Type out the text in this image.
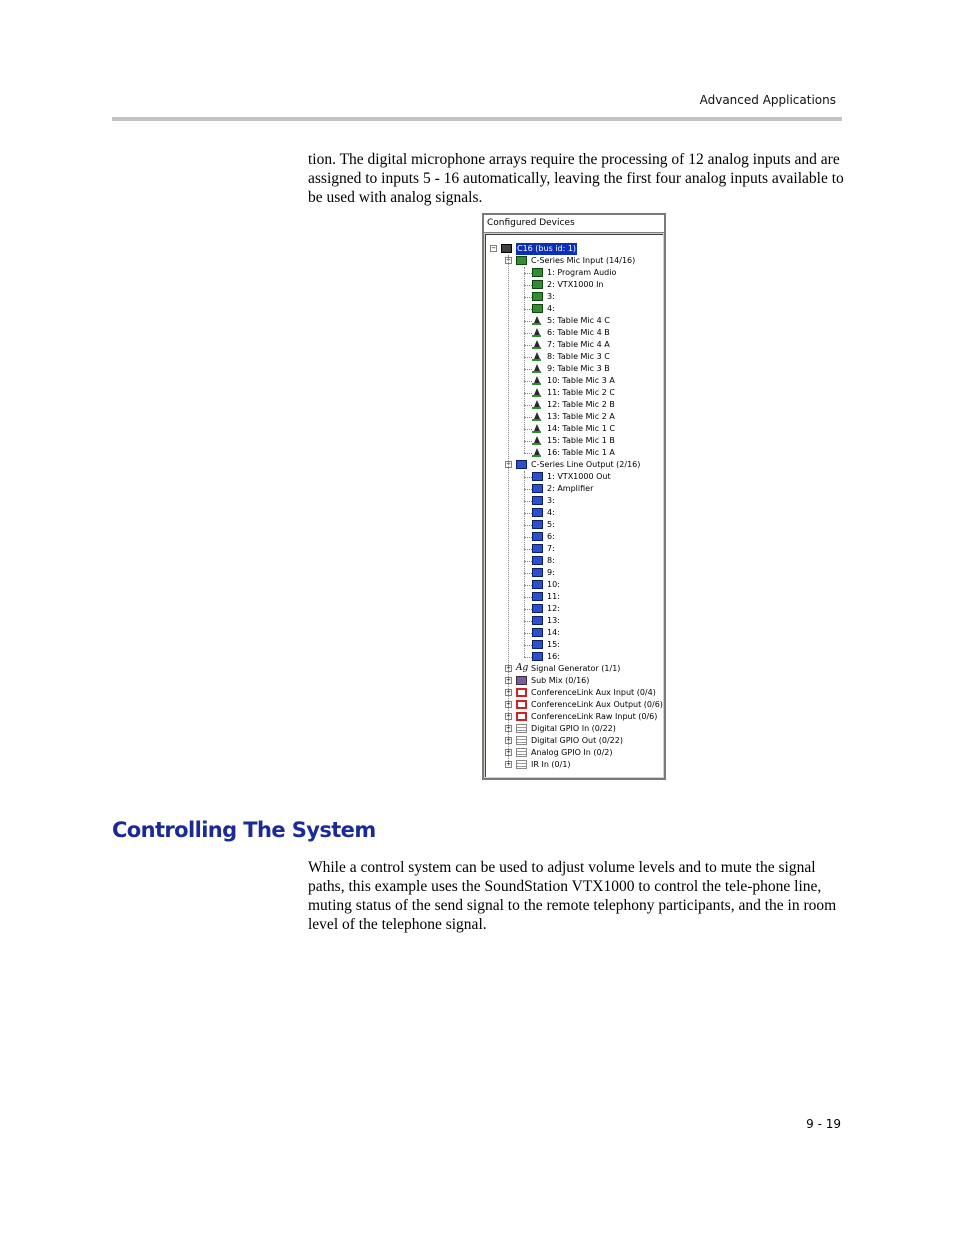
Advanced Applications

tion. The digital microphone arrays require the processing of 12 analog inputs and are assigned to inputs 5 - 16 automatically, leaving the first four analog inputs available to be used with analog signals.

Configured Devices
−	C16 (bus id: 1)
−	C-Series Mic Input (14/16)
1: Program Audio
2: VTX1000 In
3:
4:
5: Table Mic 4 C
6: Table Mic 4 B
7: Table Mic 4 A
8: Table Mic 3 C
9: Table Mic 3 B
10: Table Mic 3 A
11: Table Mic 2 C
12: Table Mic 2 B
13: Table Mic 2 A
14: Table Mic 1 C
15: Table Mic 1 B
16: Table Mic 1 A
−	C-Series Line Output (2/16)
1: VTX1000 Out
2: Amplifier
3:
4:
5:
6:
7:
8:
9:
10:
11:
12:
13:
14:
15:
16:
+ Ag Signal Generator (1/1)
+	Sub Mix (0/16)
+	ConferenceLink Aux Input (0/4)
+	ConferenceLink Aux Output (0/6)
+	ConferenceLink Raw Input (0/6)
+	Digital GPIO In (0/22)
+	Digital GPIO Out (0/22)
+	Analog GPIO In (0/2)
+	IR In (0/1)
Controlling The System

While a control system can be used to adjust volume levels and to mute the signal paths, this example uses the SoundStation VTX1000 to control the tele-phone line, muting status of the send signal to the remote telephony participants, and the in room level of the telephone signal.

9 - 19
